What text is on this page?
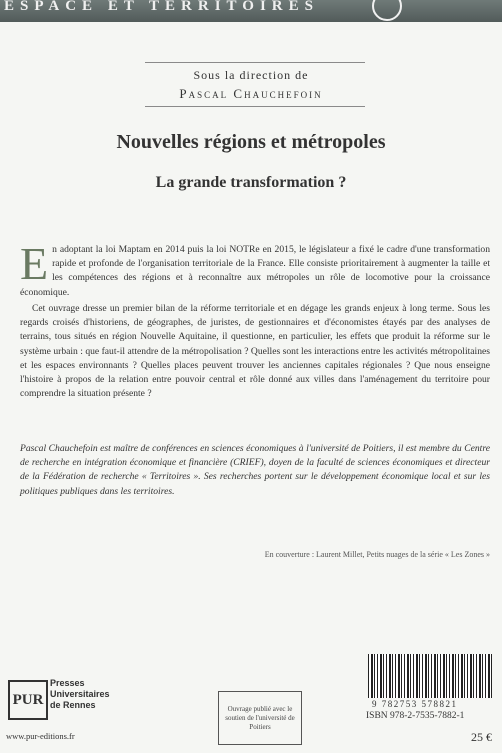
ESPACE ET TERRITOIRES
Sous la direction de
Pascal Chauchefoin
Nouvelles régions et métropoles
La grande transformation ?
E n adoptant la loi Maptam en 2014 puis la loi NOTRe en 2015, le législateur a fixé le cadre d'une transformation rapide et profonde de l'organisation territoriale de la France. Elle consiste prioritairement à augmenter la taille et les compétences des régions et à reconnaître aux métropoles un rôle de locomotive pour la croissance économique.
Cet ouvrage dresse un premier bilan de la réforme territoriale et en dégage les grands enjeux à long terme. Sous les regards croisés d'historiens, de géographes, de juristes, de gestionnaires et d'économistes étayés par des analyses de terrains, tous situés en région Nouvelle Aquitaine, il questionne, en particulier, les effets que produit la réforme sur le système urbain : que faut-il attendre de la métropolisation ? Quelles sont les interactions entre les activités métropolitaines et les espaces environnants ? Quelles places peuvent trouver les anciennes capitales régionales ? Que nous enseigne l'histoire à propos de la relation entre pouvoir central et rôle donné aux villes dans l'aménagement du territoire pour comprendre la situation présente ?
Pascal Chauchefoin est maître de conférences en sciences économiques à l'université de Poitiers, il est membre du Centre de recherche en intégration économique et financière (CRIEF), doyen de la faculté de sciences économiques et directeur de la Fédération de recherche « Territoires ». Ses recherches portent sur le développement économique local et sur les politiques publiques dans les territoires.
En couverture : Laurent Millet, Petits nuages de la série « Les Zones »
PUR
Presses
Universitaires
de Rennes
www.pur-editions.fr
Ouvrage publié avec le soutien de l'université de Poitiers
9 782753 578821
ISBN 978-2-7535-7882-1
25 €
